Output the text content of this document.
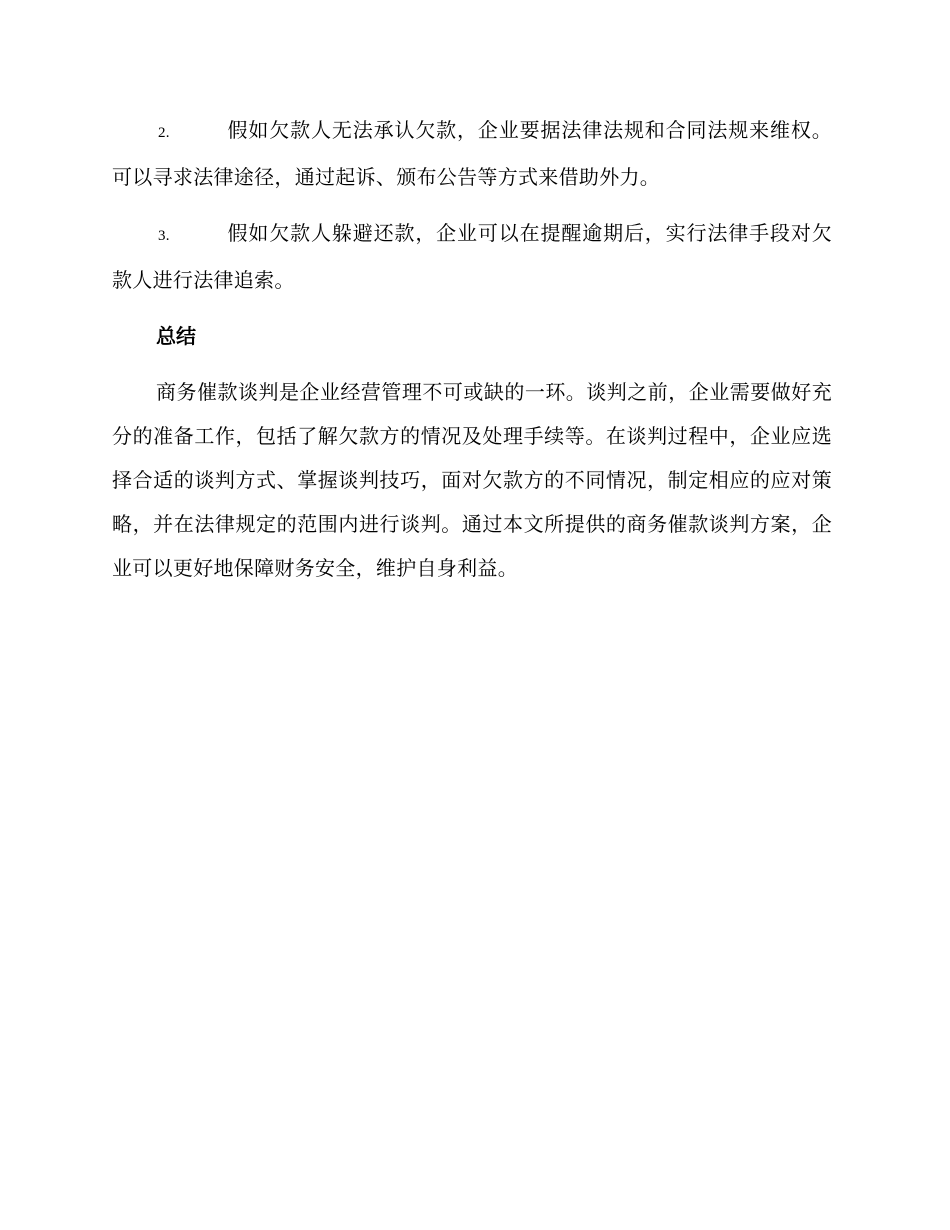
2.	假如欠款人无法承认欠款，企业要据法律法规和合同法规来维权。可以寻求法律途径，通过起诉、颁布公告等方式来借助外力。

3.	假如欠款人躲避还款，企业可以在提醒逾期后，实行法律手段对欠款人进行法律追索。

总结

商务催款谈判是企业经营管理不可或缺的一环。谈判之前，企业需要做好充分的准备工作，包括了解欠款方的情况及处理手续等。在谈判过程中，企业应选择合适的谈判方式、掌握谈判技巧，面对欠款方的不同情况，制定相应的应对策略，并在法律规定的范围内进行谈判。通过本文所提供的商务催款谈判方案，企业可以更好地保障财务安全，维护自身利益。
